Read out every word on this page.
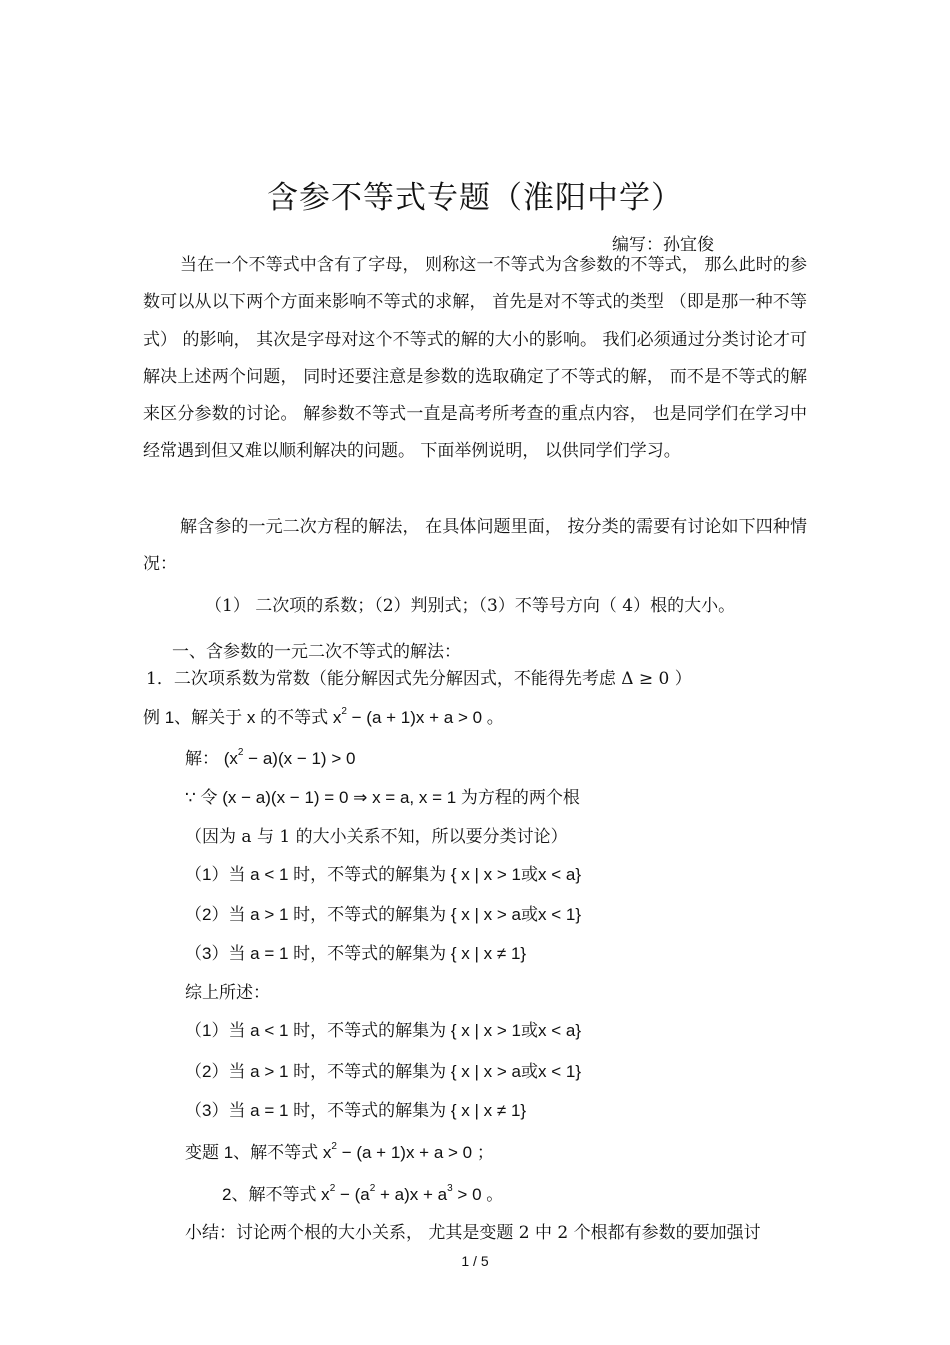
含参不等式专题（淮阳中学）
编写：孙宜俊
当在一个不等式中含有了字母， 则称这一不等式为含参数的不等式， 那么此时的参数可以从以下两个方面来影响不等式的求解， 首先是对不等式的类型 （即是那一种不等式） 的影响， 其次是字母对这个不等式的解的大小的影响。 我们必须通过分类讨论才可解决上述两个问题， 同时还要注意是参数的选取确定了不等式的解， 而不是不等式的解来区分参数的讨论。 解参数不等式一直是高考所考查的重点内容， 也是同学们在学习中经常遇到但又难以顺利解决的问题。 下面举例说明， 以供同学们学习。
解含参的一元二次方程的解法， 在具体问题里面， 按分类的需要有讨论如下四种情况：
（1） 二次项的系数；（2）判别式；（3）不等号方向（ 4）根的大小。
一、含参数的一元二次不等式的解法：
1．二次项系数为常数（能分解因式先分解因式，不能得先考虑 Δ ≥ 0 ）
例 1、解关于 x 的不等式 $x^2 - (a + 1)x + a > 0$ 。
解： $(x^2 - a)(x - 1) > 0$
∵ 令 (x − a)(x − 1) = 0 ⇒ x = a, x = 1 为方程的两个根
（因为 a 与 1 的大小关系不知，所以要分类讨论）
（1）当 a < 1 时，不等式的解集为 { x | x > 1或x < a}
（2）当 a > 1 时，不等式的解集为 { x | x > a或x < 1}
（3）当 a = 1 时，不等式的解集为 { x | x ≠ 1}
综上所述：
（1）当 a < 1 时，不等式的解集为 { x | x > 1或x < a}
（2）当 a > 1 时，不等式的解集为 { x | x > a或x < 1}
（3）当 a = 1 时，不等式的解集为 { x | x ≠ 1}
变题 1、解不等式 $x^2 - (a + 1)x + a > 0$ ；
2、解不等式 $x^2 - (a^2 + a)x + a^3 > 0$ 。
小结：讨论两个根的大小关系， 尤其是变题 2 中 2 个根都有参数的要加强讨
1 / 5
